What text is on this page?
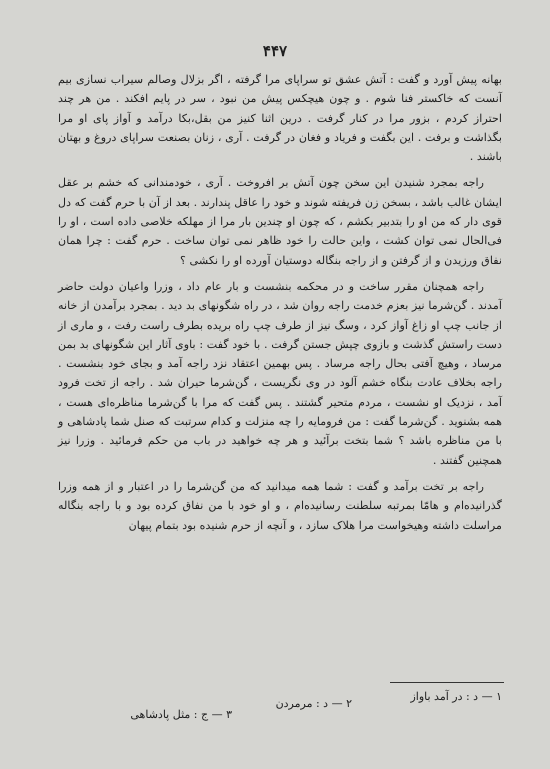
۴۴۷

بهانه پیش آورد و گفت : آتش عشق تو سراپای مرا گرفته ، اگر بزلال وصالم سیراب نسازی بیم آنست که خاکستر فنا شوم . و چون هیچکس پیش من نبود ، سر در پایم افکند . من هر چند احتراز کردم ، بزور مرا در کنار گرفت . درین اثنا کنیز من بقل،بکا درآمد و آواز پای او مرا بگذاشت و برفت . این بگفت و فریاد و فغان در گرفت . آری ، زنان بصنعت سراپای دروغ و بهتان باشند .

راجه بمجرد شنیدن این سخن چون آتش بر افروخت . آری ، خودمندانی که خشم بر عقل ایشان غالب باشد ، بسخن زن فریفته شوند و خود را عاقل پندارند . بعد از آن با حرم گفت که دل قوی دار که من او را بتدبیر بکشم ، که چون او چندین بار مرا از مهلکه خلاصی داده است ، او را فی‌الحال نمی توان کشت ، واین حالت را خود ظاهر نمی توان ساخت . حرم گفت : چرا همان نفاق ورزیدن و از گرفتن و از راجه بنگاله دوستیان آورده او را نکشی ؟

راجه همچنان مقرر ساخت و در محکمه بنشست و بار عام داد ، وزرا واعیان دولت حاضر آمدند . گن‌شرما نیز بعزم خدمت راجه روان شد ، در راه شگونهای بد دید . بمجرد برآمدن از خانه از جانب چپ او زاغ آواز کرد ، وسگ نیز از طرف چپ راه بریده بطرف راست رفت ، و ماری از دست راستش گذشت و بازوی چپش جستن گرفت . با خود گفت : باوی آثار این شگونهای بد بمن مرساد ، وهیچ آفتی بحال راجه مرساد . پس بهمین اعتقاد نزد راجه آمد و بجای خود بنشست . راجه بخلاف عادت بنگاه خشم آلود در وی نگریست ، گن‌شرما حیران شد . راجه از تخت فرود آمد ، نزدیک او نشست ، مردم متحیر گشتند . پس گفت که مرا با گن‌شرما مناظره‌ای هست ، همه بشنوید . گن‌شرما گفت : من فرومایه را چه منزلت و کدام سرتبت که صنل شما پادشاهی و با من مناظره باشد ؟ شما بتخت برآئید و هر چه خواهید در باب من حکم فرمائید . وزرا نیز همچنین گفتند .

راجه بر تخت برآمد و گفت : شما همه میدانید که من گن‌شرما را در اعتبار و از همه وزرا گذرانیده‌ام و هامّا بمرتبه سلطنت رسانیده‌ام ، و او خود با من نفاق کرده بود و با راجه بنگاله مراسلت داشته وهیخواست مرا هلاک سازد ، و آنچه از حرم شنیده بود بتمام پیهان

۱ — د : در آمد باواز
۲ — د : مرمردن
۳ — ج : مثل پادشاهی
